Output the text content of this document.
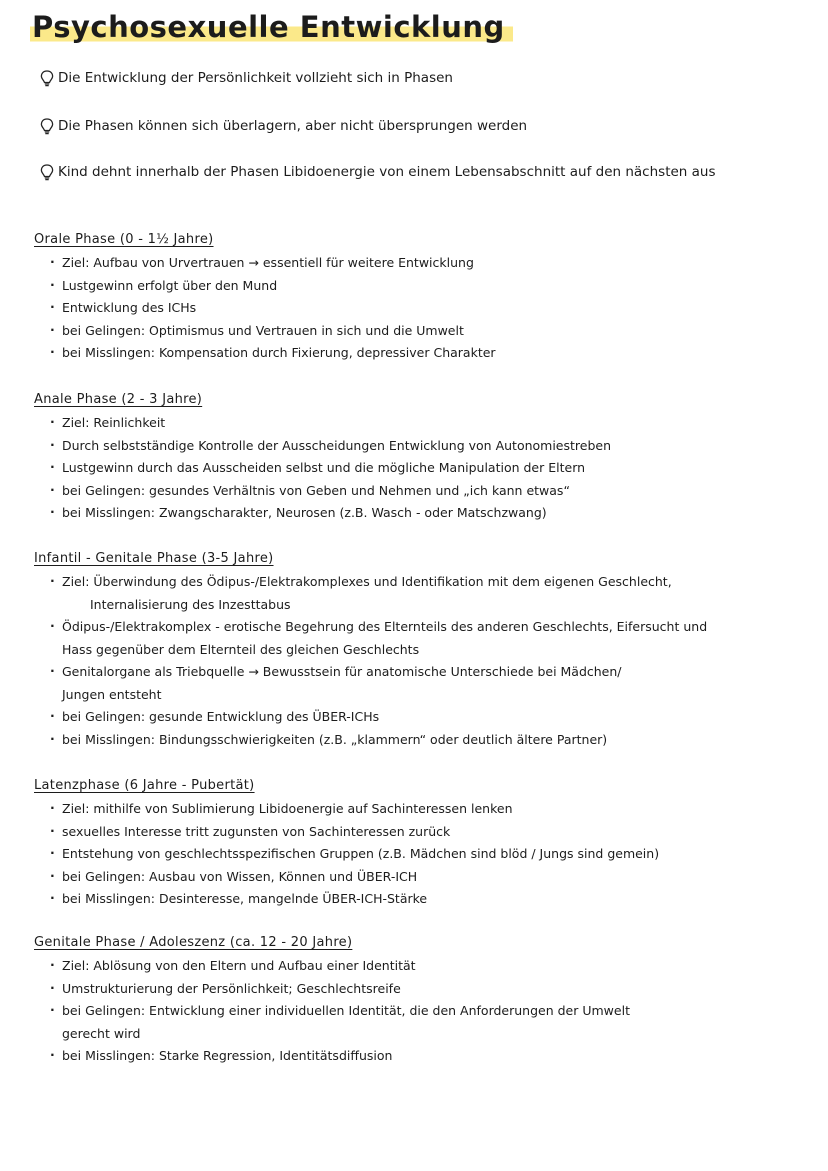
Psychosexuelle Entwicklung
Die Entwicklung der Persönlichkeit vollzieht sich in Phasen
Die Phasen können sich überlagern, aber nicht übersprungen werden
Kind dehnt innerhalb der Phasen Libidoenergie von einem Lebensabschnitt auf den nächsten aus
Orale Phase (0 - 1½ Jahre)
· Ziel: Aufbau von Urvertrauen → essentiell für weitere Entwicklung
· Lustgewinn erfolgt über den Mund
· Entwicklung des ICHs
· bei Gelingen: Optimismus und Vertrauen in sich und die Umwelt
· bei Misslingen: Kompensation durch Fixierung, depressiver Charakter
Anale Phase (2 - 3 Jahre)
· Ziel: Reinlichkeit
· Durch selbstständige Kontrolle der Ausscheidungen Entwicklung von Autonomiestreben
· Lustgewinn durch das Ausscheiden selbst und die mögliche Manipulation der Eltern
· bei Gelingen: gesundes Verhältnis von Geben und Nehmen und „ich kann etwas“
· bei Misslingen: Zwangscharakter, Neurosen (z.B. Wasch - oder Matschzwang)
Infantil - Genitale Phase (3-5 Jahre)
· Ziel: Überwindung des Ödipus-/Elektrakomplexes und Identifikation mit dem eigenen Geschlecht,
Internalisierung des Inzesttabus
· Ödipus-/Elektrakomplex - erotische Begehrung des Elternteils des anderen Geschlechts, Eifersucht und
Hass gegenüber dem Elternteil des gleichen Geschlechts
· Genitalorgane als Triebquelle → Bewusstsein für anatomische Unterschiede bei Mädchen/
Jungen entsteht
· bei Gelingen: gesunde Entwicklung des ÜBER-ICHs
· bei Misslingen: Bindungsschwierigkeiten (z.B. „klammern“ oder deutlich ältere Partner)
Latenzphase (6 Jahre - Pubertät)
· Ziel: mithilfe von Sublimierung Libidoenergie auf Sachinteressen lenken
· sexuelles Interesse tritt zugunsten von Sachinteressen zurück
· Entstehung von geschlechtsspezifischen Gruppen (z.B. Mädchen sind blöd / Jungs sind gemein)
· bei Gelingen: Ausbau von Wissen, Können und ÜBER-ICH
· bei Misslingen: Desinteresse, mangelnde ÜBER-ICH-Stärke
Genitale Phase / Adoleszenz (ca. 12 - 20 Jahre)
· Ziel: Ablösung von den Eltern und Aufbau einer Identität
· Umstrukturierung der Persönlichkeit; Geschlechtsreife
· bei Gelingen: Entwicklung einer individuellen Identität, die den Anforderungen der Umwelt
gerecht wird
· bei Misslingen: Starke Regression, Identitätsdiffusion
